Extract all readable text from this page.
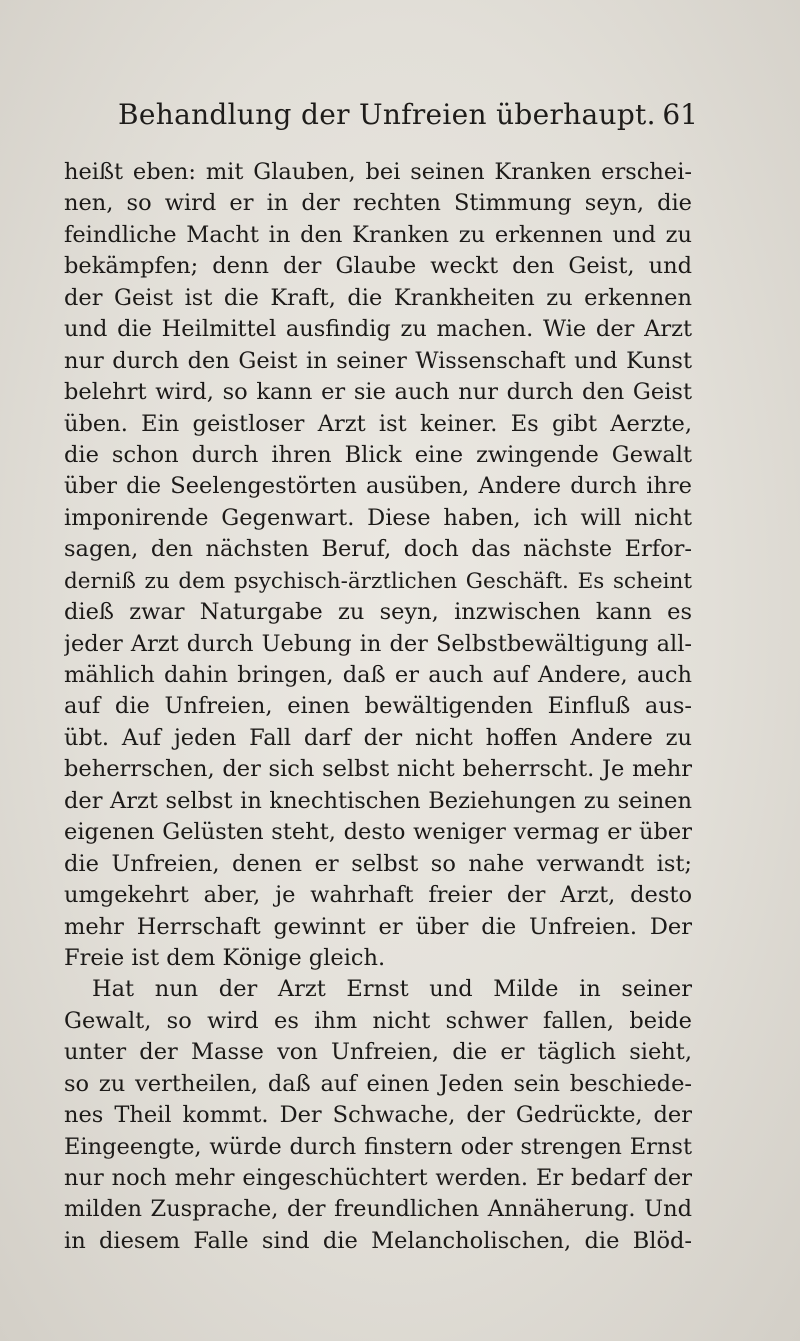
Behandlung der Unfreien überhaupt. 61
heißt eben: mit Glauben, bei seinen Kranken erschei-
nen, so wird er in der rechten Stimmung seyn, die
feindliche Macht in den Kranken zu erkennen und zu
bekämpfen; denn der Glaube weckt den Geist, und
der Geist ist die Kraft, die Krankheiten zu erkennen
und die Heilmittel ausfindig zu machen. Wie der Arzt
nur durch den Geist in seiner Wissenschaft und Kunst
belehrt wird, so kann er sie auch nur durch den Geist
üben. Ein geistloser Arzt ist keiner. Es gibt Aerzte,
die schon durch ihren Blick eine zwingende Gewalt
über die Seelengestörten ausüben, Andere durch ihre
imponirende Gegenwart. Diese haben, ich will nicht
sagen, den nächsten Beruf, doch das nächste Erfor-
derniß zu dem psychisch-ärztlichen Geschäft. Es scheint
dieß zwar Naturgabe zu seyn, inzwischen kann es
jeder Arzt durch Uebung in der Selbstbewältigung all-
mählich dahin bringen, daß er auch auf Andere, auch
auf die Unfreien, einen bewältigenden Einfluß aus-
übt. Auf jeden Fall darf der nicht hoffen Andere zu
beherrschen, der sich selbst nicht beherrscht. Je mehr
der Arzt selbst in knechtischen Beziehungen zu seinen
eigenen Gelüsten steht, desto weniger vermag er über
die Unfreien, denen er selbst so nahe verwandt ist;
umgekehrt aber, je wahrhaft freier der Arzt, desto
mehr Herrschaft gewinnt er über die Unfreien. Der
Freie ist dem Könige gleich.
Hat nun der Arzt Ernst und Milde in seiner
Gewalt, so wird es ihm nicht schwer fallen, beide
unter der Masse von Unfreien, die er täglich sieht,
so zu vertheilen, daß auf einen Jeden sein beschiede-
nes Theil kommt. Der Schwache, der Gedrückte, der
Eingeengte, würde durch finstern oder strengen Ernst
nur noch mehr eingeschüchtert werden. Er bedarf der
milden Zusprache, der freundlichen Annäherung. Und
in diesem Falle sind die Melancholischen, die Blöd-
